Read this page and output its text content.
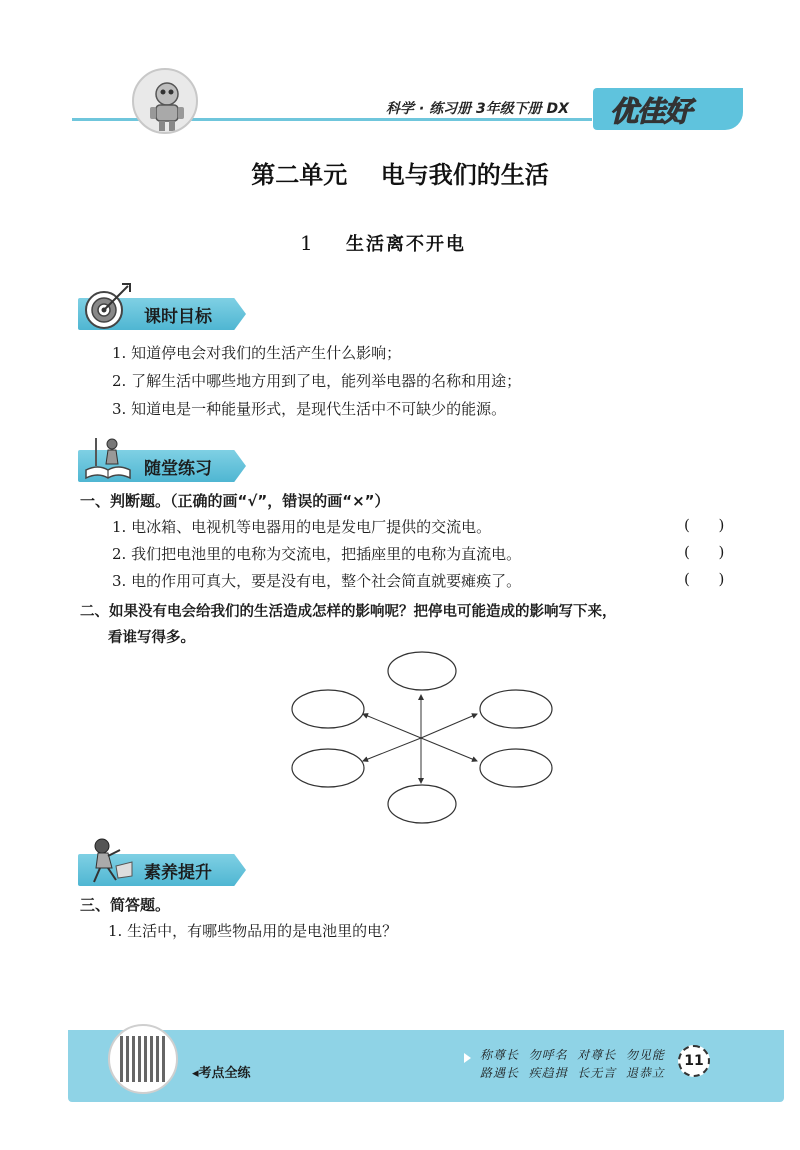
科学 · 练习册 3年级下册 DX 优佳好
第二单元    电与我们的生活
1 生活离不开电
课时目标
1. 知道停电会对我们的生活产生什么影响；
2. 了解生活中哪些地方用到了电，能列举电器的名称和用途；
3. 知道电是一种能量形式，是现代生活中不可缺少的能源。
随堂练习
一、判断题。（正确的画“√”，错误的画“×”）
1. 电冰箱、电视机等电器用的电是发电厂提供的交流电。	(      )
2. 我们把电池里的电称为交流电，把插座里的电称为直流电。	(      )
3. 电的作用可真大，要是没有电，整个社会简直就要瘫痪了。	(      )
二、如果没有电会给我们的生活造成怎样的影响呢？把停电可能造成的影响写下来，
看谁写得多。
素养提升
三、简答题。
1. 生活中，有哪些物品用的是电池里的电？
◂考点全练
称尊长  勿呼名  对尊长  勿见能
路遇长  疾趋揖  长无言  退恭立
11
